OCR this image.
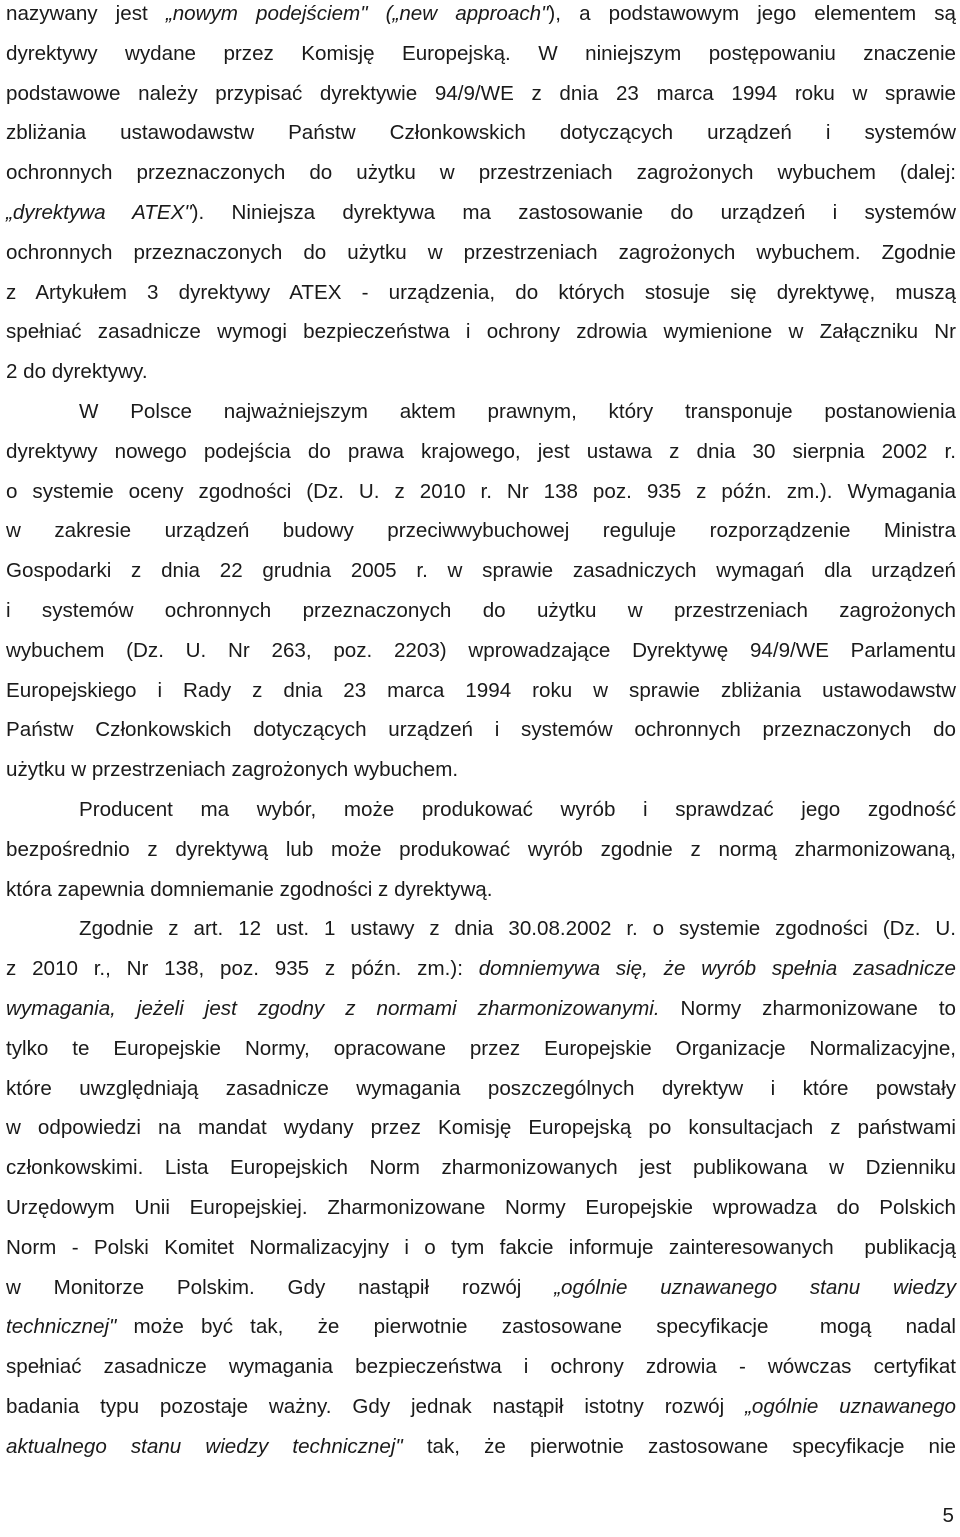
nazywany jest „nowym podejściem" („new approach"), a podstawowym jego elementem są
dyrektywy wydane przez Komisję Europejską. W niniejszym postępowaniu znaczenie
podstawowe należy przypisać dyrektywie 94/9/WE z dnia 23 marca 1994 roku w sprawie
zbliżania ustawodawstw Państw Członkowskich dotyczących urządzeń i systemów
ochronnych przeznaczonych do użytku w przestrzeniach zagrożonych wybuchem (dalej:
„dyrektywa ATEX"). Niniejsza dyrektywa ma zastosowanie do urządzeń i systemów
ochronnych przeznaczonych do użytku w przestrzeniach zagrożonych wybuchem. Zgodnie
z Artykułem 3 dyrektywy ATEX - urządzenia, do których stosuje się dyrektywę, muszą
spełniać zasadnicze wymogi bezpieczeństwa i ochrony zdrowia wymienione w Załączniku Nr
2 do dyrektywy.
W Polsce najważniejszym aktem prawnym, który transponuje postanowienia
dyrektywy nowego podejścia do prawa krajowego, jest ustawa z dnia 30 sierpnia 2002 r.
o systemie oceny zgodności (Dz. U. z 2010 r. Nr 138 poz. 935 z późn. zm.). Wymagania
w zakresie urządzeń budowy przeciwwybuchowej reguluje rozporządzenie Ministra
Gospodarki z dnia 22 grudnia 2005 r. w sprawie zasadniczych wymagań dla urządzeń
i systemów ochronnych przeznaczonych do użytku w przestrzeniach zagrożonych
wybuchem (Dz. U. Nr 263, poz. 2203) wprowadzające Dyrektywę 94/9/WE Parlamentu
Europejskiego i Rady z dnia 23 marca 1994 roku w sprawie zbliżania ustawodawstw
Państw Członkowskich dotyczących urządzeń i systemów ochronnych przeznaczonych do
użytku w przestrzeniach zagrożonych wybuchem.
Producent ma wybór, może produkować wyrób i sprawdzać jego zgodność
bezpośrednio z dyrektywą lub może produkować wyrób zgodnie z normą zharmonizowaną,
która zapewnia domniemanie zgodności z dyrektywą.
Zgodnie z art. 12 ust. 1 ustawy z dnia 30.08.2002 r. o systemie zgodności (Dz. U.
z 2010 r., Nr 138, poz. 935 z późn. zm.): domniemywa się, że wyrób spełnia zasadnicze
wymagania, jeżeli jest zgodny z normami zharmonizowanymi. Normy zharmonizowane to
tylko te Europejskie Normy, opracowane przez Europejskie Organizacje Normalizacyjne,
które uwzględniają zasadnicze wymagania poszczególnych dyrektyw i które powstały
w odpowiedzi na mandat wydany przez Komisję Europejską po konsultacjach z państwami
członkowskimi. Lista Europejskich Norm zharmonizowanych jest publikowana w Dzienniku
Urzędowym Unii Europejskiej. Zharmonizowane Normy Europejskie wprowadza do Polskich
Norm - Polski Komitet Normalizacyjny i o tym fakcie informuje zainteresowanych  publikacją
w Monitorze Polskim. Gdy nastąpił rozwój „ogólnie uznawanego stanu wiedzy
technicznej" może być tak,  że  pierwotnie  zastosowane  specyfikacje   mogą  nadal
spełniać zasadnicze wymagania bezpieczeństwa i ochrony zdrowia - wówczas certyfikat
badania typu pozostaje ważny. Gdy jednak nastąpił istotny rozwój „ogólnie uznawanego
aktualnego stanu wiedzy technicznej" tak, że pierwotnie zastosowane specyfikacje nie
5
